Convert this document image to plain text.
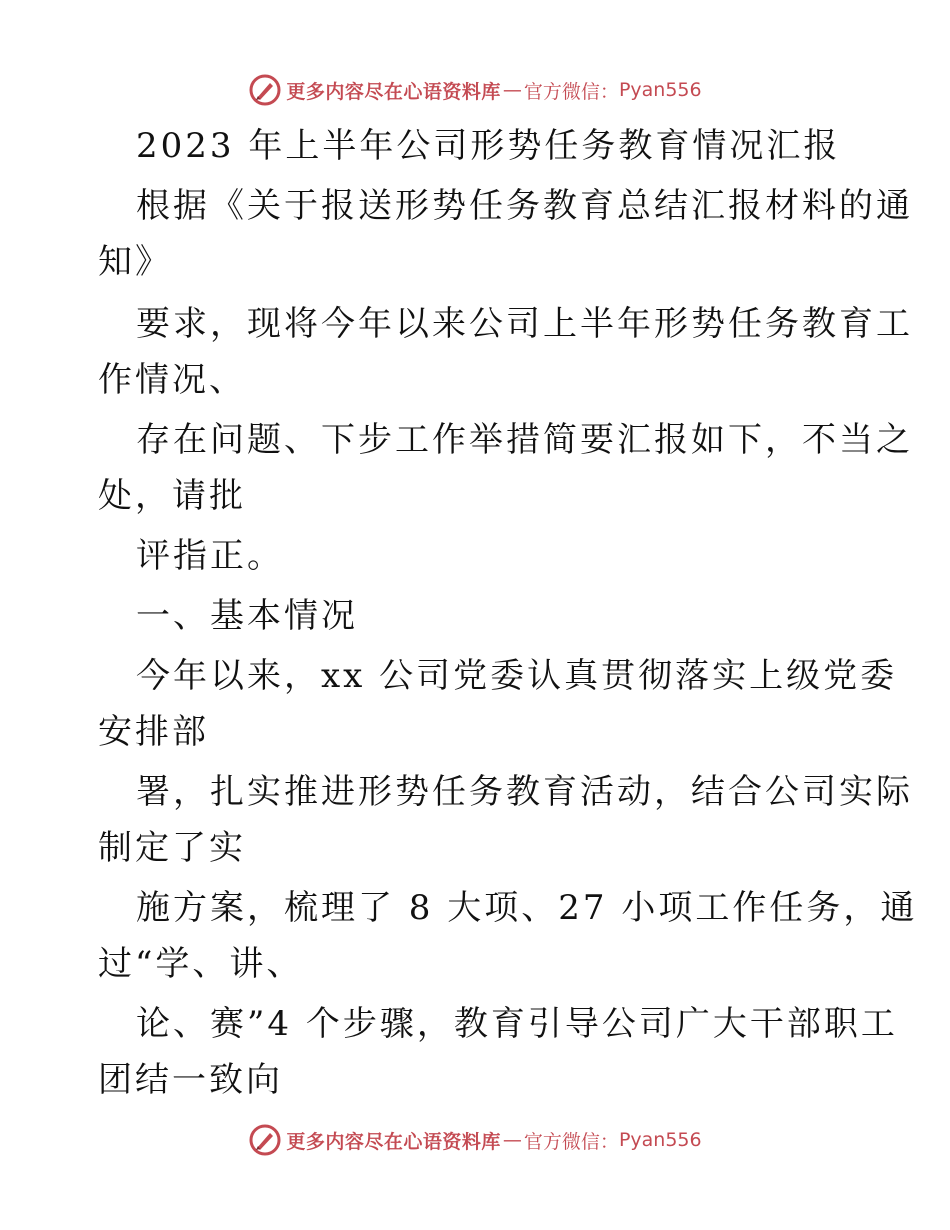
更多内容尽在心语资料库 — 官方微信： Pyan556
2023 年上半年公司形势任务教育情况汇报
根据《关于报送形势任务教育总结汇报材料的通
知》
要求，现将今年以来公司上半年形势任务教育工
作情况、
存在问题、下步工作举措简要汇报如下，不当之
处，请批
评指正。
一、基本情况
今年以来，xx 公司党委认真贯彻落实上级党委
安排部
署，扎实推进形势任务教育活动，结合公司实际
制定了实
施方案，梳理了 8 大项、27 小项工作任务，通
过“学、讲、
论、赛”4 个步骤，教育引导公司广大干部职工
团结一致向
更多内容尽在心语资料库 — 官方微信： Pyan556
